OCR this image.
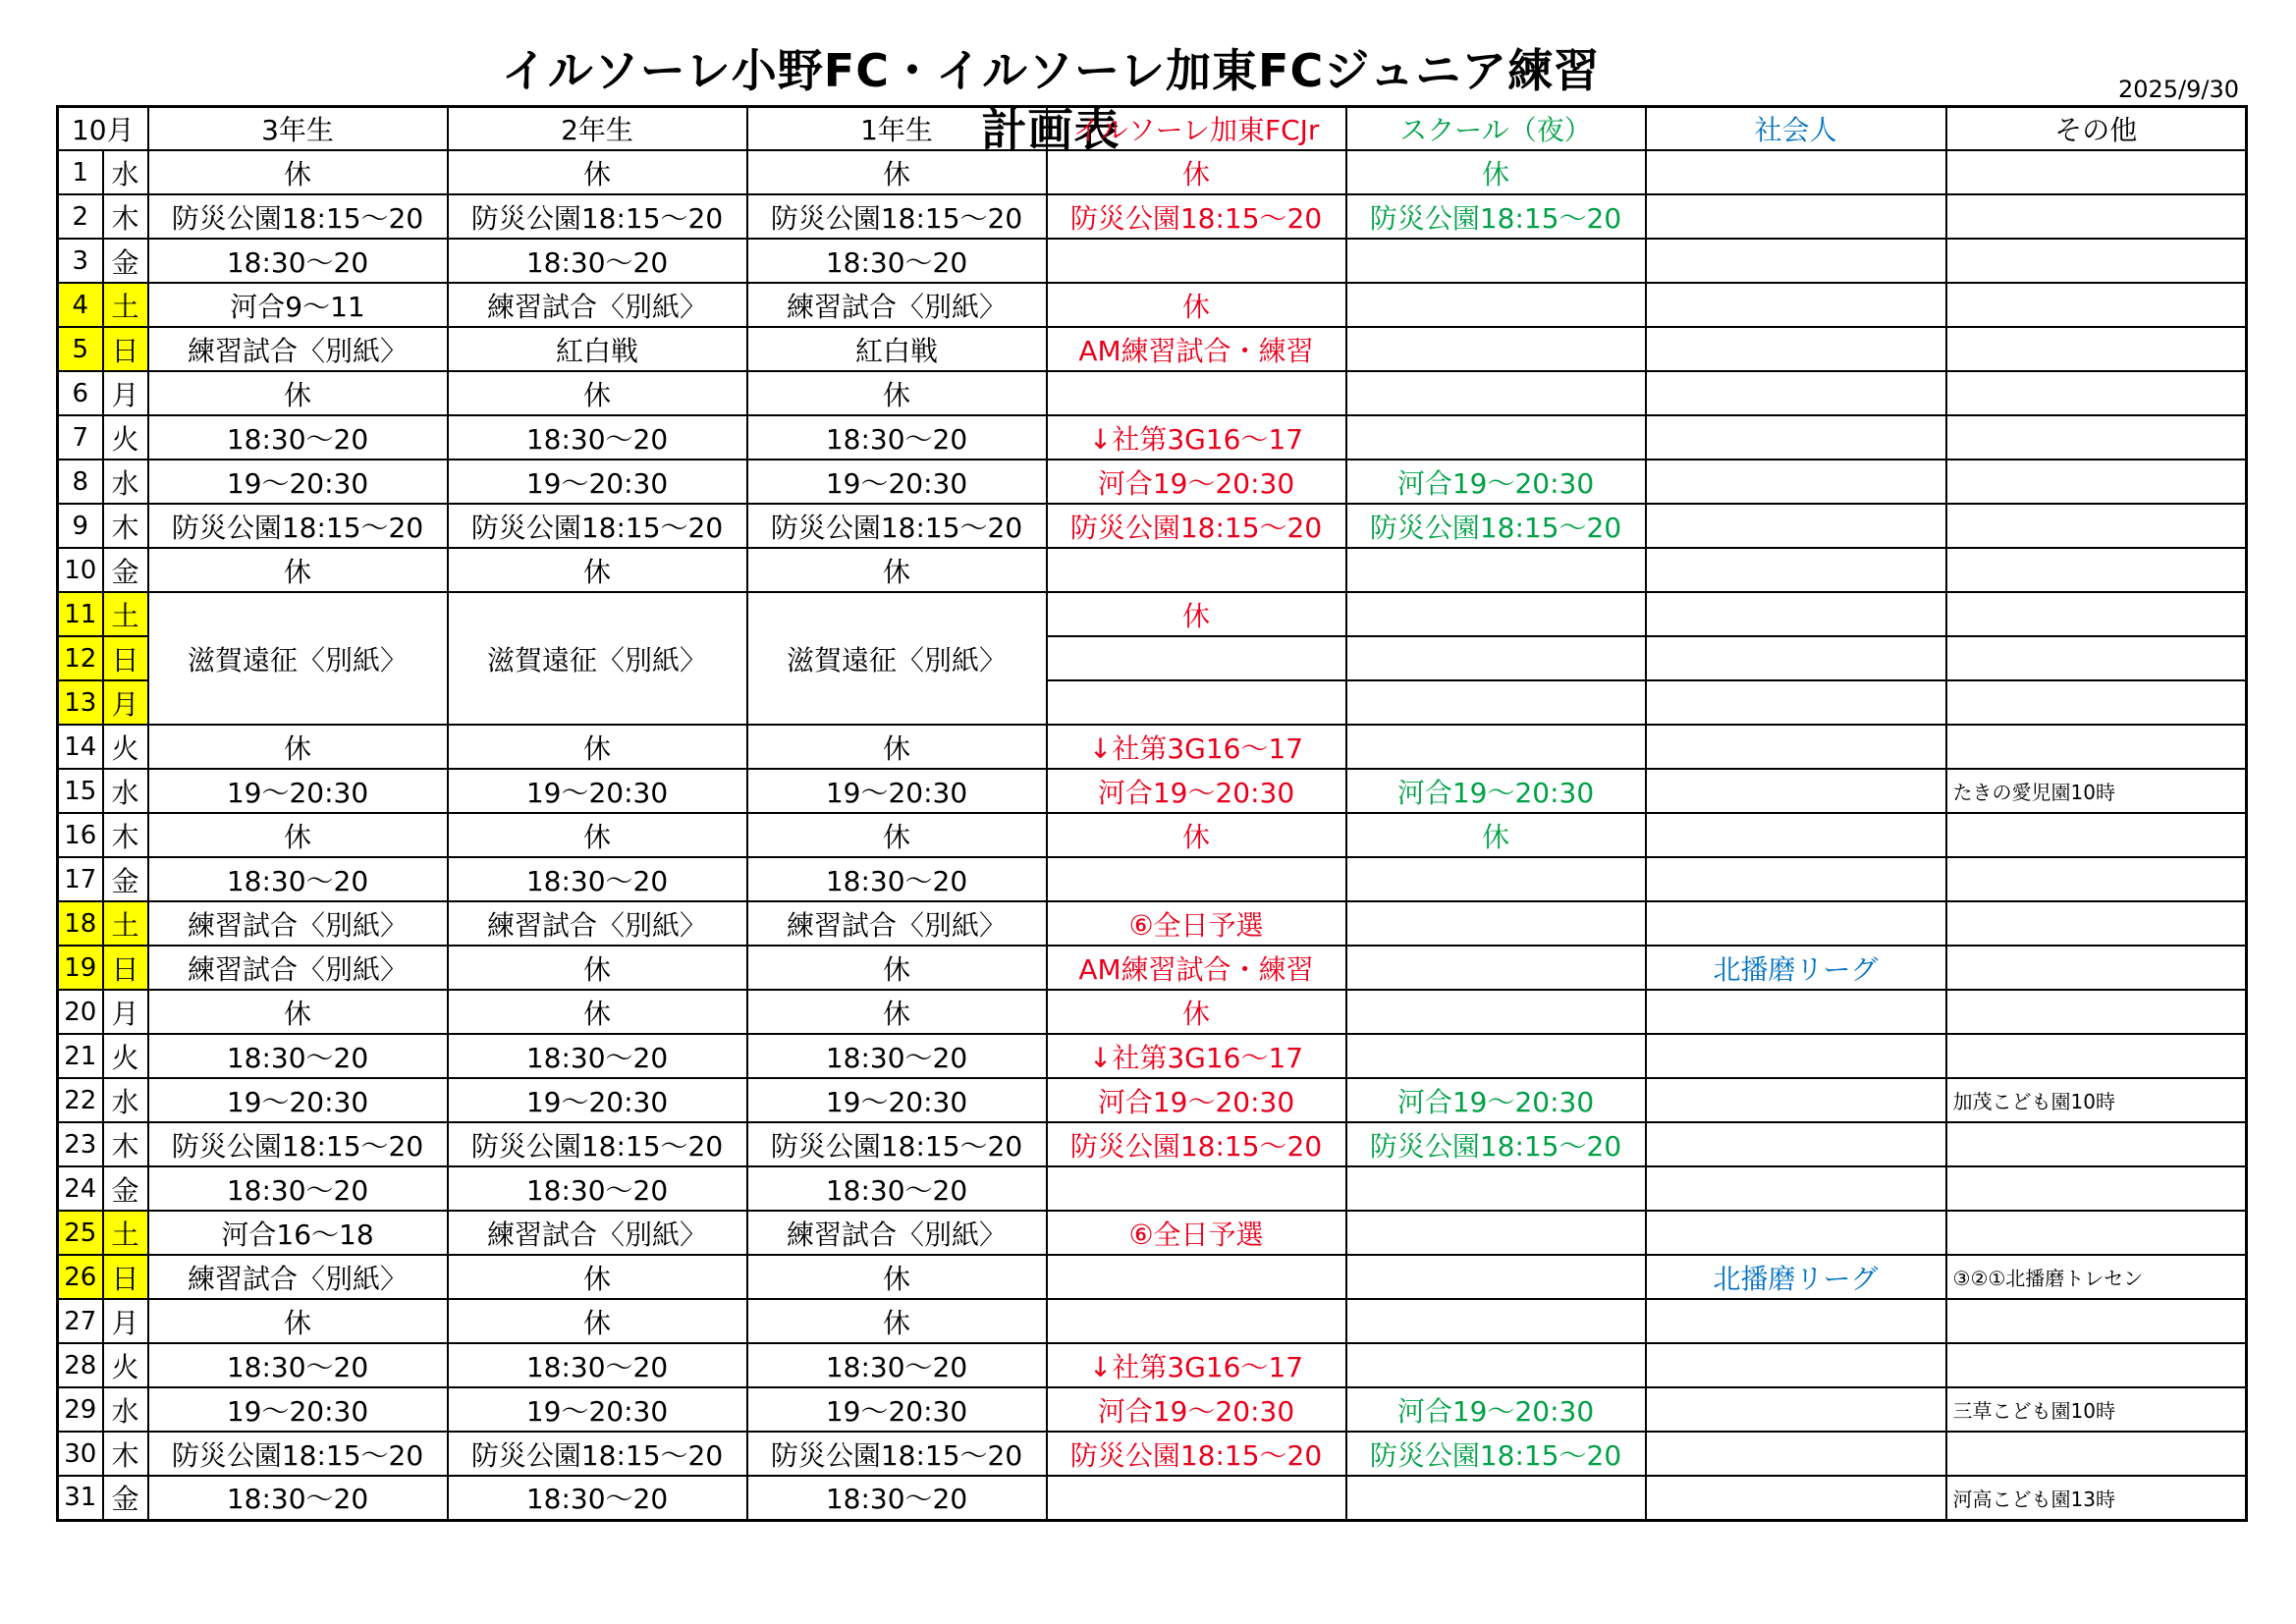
イルソーレ小野FC・イルソーレ加東FCジュニア練習計画表
2025/9/30
10月		3年生	2年生	1年生	イルソーレ加東FCJr	スクール（夜）	社会人	その他
1	水	休	休	休	休	休		
2	木	防災公園18:15～20	防災公園18:15～20	防災公園18:15～20	防災公園18:15～20	防災公園18:15～20		
3	金	18:30～20	18:30～20	18:30～20				
4	土	河合9～11	練習試合〈別紙〉	練習試合〈別紙〉	休			
5	日	練習試合〈別紙〉	紅白戦	紅白戦	AM練習試合・練習			
6	月	休	休	休				
7	火	18:30～20	18:30～20	18:30～20	↓社第3G16～17			
8	水	19～20:30	19～20:30	19～20:30	河合19～20:30	河合19～20:30		
9	木	防災公園18:15～20	防災公園18:15～20	防災公園18:15～20	防災公園18:15～20	防災公園18:15～20		
10	金	休	休	休				
11	土	滋賀遠征〈別紙〉	滋賀遠征〈別紙〉	滋賀遠征〈別紙〉	休			
12	日							
13	月							
14	火	休	休	休	↓社第3G16～17			
15	水	19～20:30	19～20:30	19～20:30	河合19～20:30	河合19～20:30		たきの愛児園10時
16	木	休	休	休	休	休		
17	金	18:30～20	18:30～20	18:30～20				
18	土	練習試合〈別紙〉	練習試合〈別紙〉	練習試合〈別紙〉	⑥全日予選			
19	日	練習試合〈別紙〉	休	休	AM練習試合・練習		北播磨リーグ	
20	月	休	休	休	休			
21	火	18:30～20	18:30～20	18:30～20	↓社第3G16～17			
22	水	19～20:30	19～20:30	19～20:30	河合19～20:30	河合19～20:30		加茂こども園10時
23	木	防災公園18:15～20	防災公園18:15～20	防災公園18:15～20	防災公園18:15～20	防災公園18:15～20		
24	金	18:30～20	18:30～20	18:30～20				
25	土	河合16～18	練習試合〈別紙〉	練習試合〈別紙〉	⑥全日予選			
26	日	練習試合〈別紙〉	休	休			北播磨リーグ	③②①北播磨トレセン
27	月	休	休	休				
28	火	18:30～20	18:30～20	18:30～20	↓社第3G16～17			
29	水	19～20:30	19～20:30	19～20:30	河合19～20:30	河合19～20:30		三草こども園10時
30	木	防災公園18:15～20	防災公園18:15～20	防災公園18:15～20	防災公園18:15～20	防災公園18:15～20		
31	金	18:30～20	18:30～20	18:30～20				河高こども園13時
